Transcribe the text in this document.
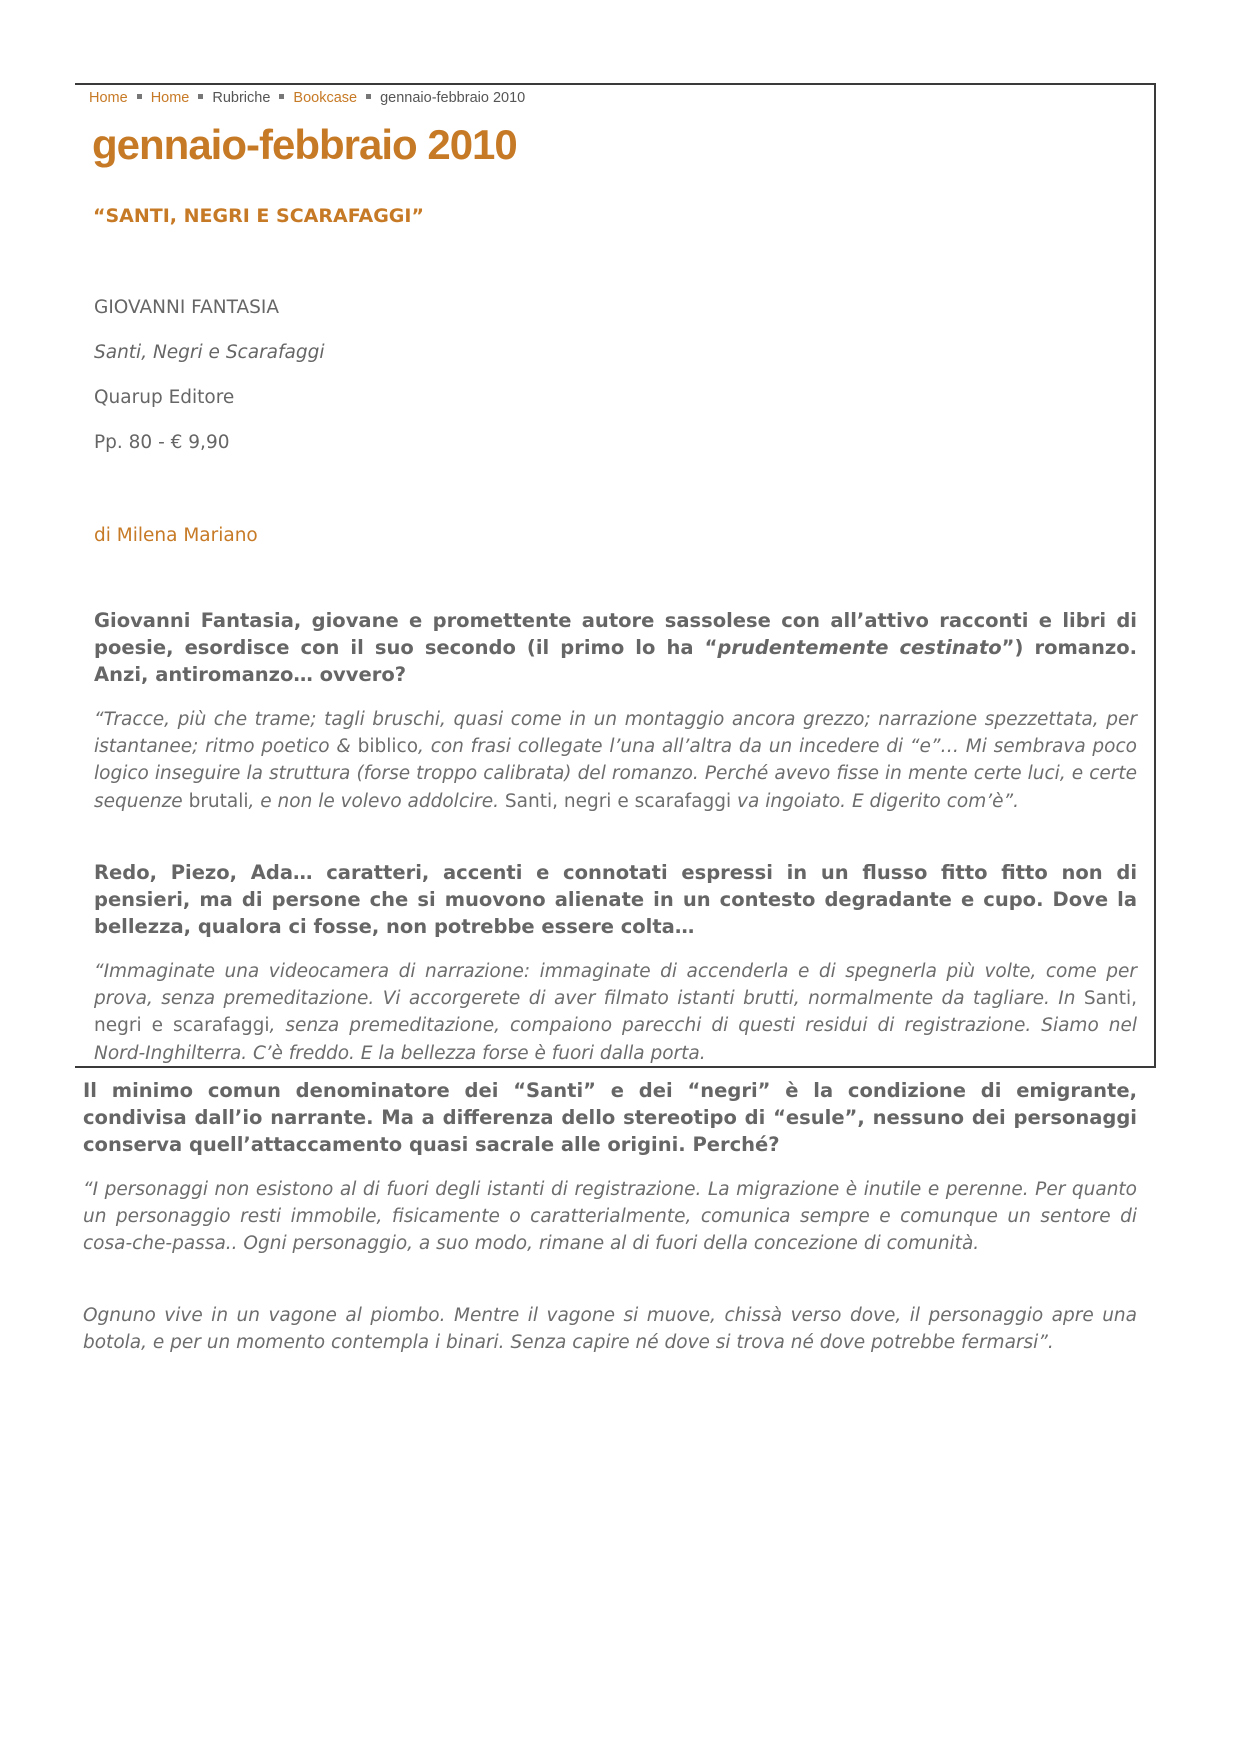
Home Home Rubriche Bookcase gennaio-febbraio 2010
gennaio-febbraio 2010
“SANTI, NEGRI E SCARAFAGGI”
GIOVANNI FANTASIA
Santi, Negri e Scarafaggi
Quarup Editore
Pp. 80 - € 9,90
di Milena Mariano

Giovanni Fantasia, giovane e promettente autore sassolese con all’attivo racconti e libri di poesie, esordisce con il suo secondo (il primo lo ha “prudentemente cestinato”) romanzo. Anzi, antiromanzo… ovvero?

“Tracce, più che trame; tagli bruschi, quasi come in un montaggio ancora grezzo; narrazione spezzettata, per istantanee; ritmo poetico & biblico, con frasi collegate l’una all’altra da un incedere di “e”… Mi sembrava poco logico inseguire la struttura (forse troppo calibrata) del romanzo. Perché avevo fisse in mente certe luci, e certe sequenze brutali, e non le volevo addolcire. Santi, negri e scarafaggi va ingoiato. E digerito com’è”.

Redo, Piezo, Ada… caratteri, accenti e connotati espressi in un flusso fitto fitto non di pensieri, ma di persone che si muovono alienate in un contesto degradante e cupo. Dove la bellezza, qualora ci fosse, non potrebbe essere colta…

“Immaginate una videocamera di narrazione: immaginate di accenderla e di spegnerla più volte, come per prova, senza premeditazione. Vi accorgerete di aver filmato istanti brutti, normalmente da tagliare. In Santi, negri e scarafaggi, senza premeditazione, compaiono parecchi di questi residui di registrazione. Siamo nel Nord-Inghilterra. C’è freddo. E la bellezza forse è fuori dalla porta.

Il minimo comun denominatore dei “Santi” e dei “negri” è la condizione di emigrante, condivisa dall’io narrante. Ma a differenza dello stereotipo di “esule”, nessuno dei personaggi conserva quell’attaccamento quasi sacrale alle origini. Perché?

“I personaggi non esistono al di fuori degli istanti di registrazione. La migrazione è inutile e perenne. Per quanto un personaggio resti immobile, fisicamente o caratterialmente, comunica sempre e comunque un sentore di cosa-che-passa.. Ogni personaggio, a suo modo, rimane al di fuori della concezione di comunità.

Ognuno vive in un vagone al piombo. Mentre il vagone si muove, chissà verso dove, il personaggio apre una botola, e per un momento contempla i binari. Senza capire né dove si trova né dove potrebbe fermarsi”.
